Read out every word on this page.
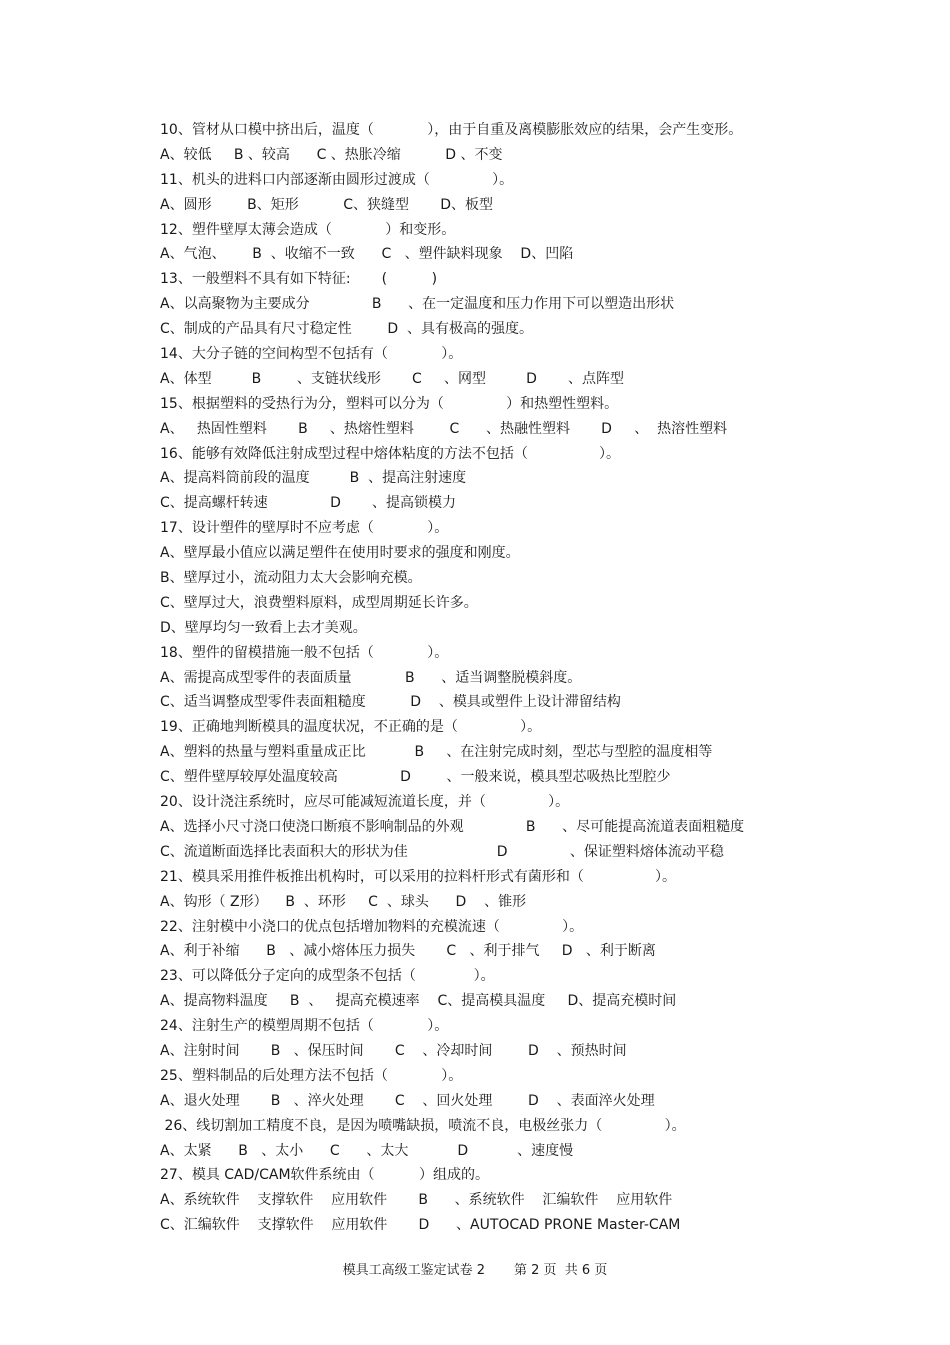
10、管材从口模中挤出后，温度（            ），由于自重及离模膨胀效应的结果，会产生变形。
A、较低     B 、较高      C 、热胀冷缩          D 、不变
11、机头的进料口内部逐渐由圆形过渡成（              ）。
A、圆形        B、矩形          C、狭缝型       D、板型
12、塑件壁厚太薄会造成（            ）和变形。
A、气泡、      B  、收缩不一致      C   、塑件缺料现象    D、凹陷
13、一般塑料不具有如下特征:       (          )
A、以高聚物为主要成分              B      、在一定温度和压力作用下可以塑造出形状
C、制成的产品具有尺寸稳定性        D  、具有极高的强度。
14、大分子链的空间构型不包括有（            ）。
A、体型         B        、支链状线形       C     、网型         D       、点阵型
15、根据塑料的受热行为分，塑料可以分为（              ）和热塑性塑料。
A、   热固性塑料       B     、热熔性塑料        C      、热融性塑料       D     、  热溶性塑料
16、能够有效降低注射成型过程中熔体粘度的方法不包括（                ）。
A、提高料筒前段的温度         B  、提高注射速度
C、提高螺杆转速              D       、提高锁模力
17、设计塑件的壁厚时不应考虑（            ）。
A、壁厚最小值应以满足塑件在使用时要求的强度和刚度。
B、壁厚过小，流动阻力太大会影响充模。
C、壁厚过大，浪费塑料原料，成型周期延长许多。
D、壁厚均匀一致看上去才美观。
18、塑件的留模措施一般不包括（            ）。
A、需提高成型零件的表面质量            B      、适当调整脱模斜度。
C、适当调整成型零件表面粗糙度          D    、模具或塑件上设计滞留结构
19、正确地判断模具的温度状况，不正确的是（              ）。
A、塑料的热量与塑料重量成正比           B     、在注射完成时刻，型芯与型腔的温度相等
C、塑件壁厚较厚处温度较高              D        、一般来说，模具型芯吸热比型腔少
20、设计浇注系统时，应尽可能减短流道长度，并（              ）。
A、选择小尺寸浇口使浇口断痕不影响制品的外观              B      、尽可能提高流道表面粗糙度
C、流道断面选择比表面积大的形状为佳                    D              、保证塑料熔体流动平稳
21、模具采用推件板推出机构时，可以采用的拉料杆形式有菌形和（                ）。
A、钩形（ Z形）    B  、环形     C  、球头      D    、锥形
22、注射模中小浇口的优点包括增加物料的充模流速（              ）。
A、利于补缩      B   、减小熔体压力损失       C   、利于排气     D   、利于断离
23、可以降低分子定向的成型条不包括（             ）。
A、提高物料温度     B  、   提高充模速率    C、提高模具温度     D、提高充模时间
24、注射生产的模塑周期不包括（            ）。
A、注射时间       B   、保压时间       C    、冷却时间        D    、预热时间
25、塑料制品的后处理方法不包括（            ）。
A、退火处理       B   、淬火处理       C    、回火处理        D    、表面淬火处理
26、线切割加工精度不良，是因为喷嘴缺损，喷流不良，电极丝张力（              ）。
A、太紧      B   、太小      C      、太大           D           、速度慢
27、模具 CAD/CAM软件系统由（          ）组成的。
A、系统软件    支撑软件    应用软件       B      、系统软件    汇编软件    应用软件
C、汇编软件    支撑软件    应用软件       D      、AUTOCAD PRONE Master-CAM
模具工高级工鉴定试卷 2       第 2 页  共 6 页
